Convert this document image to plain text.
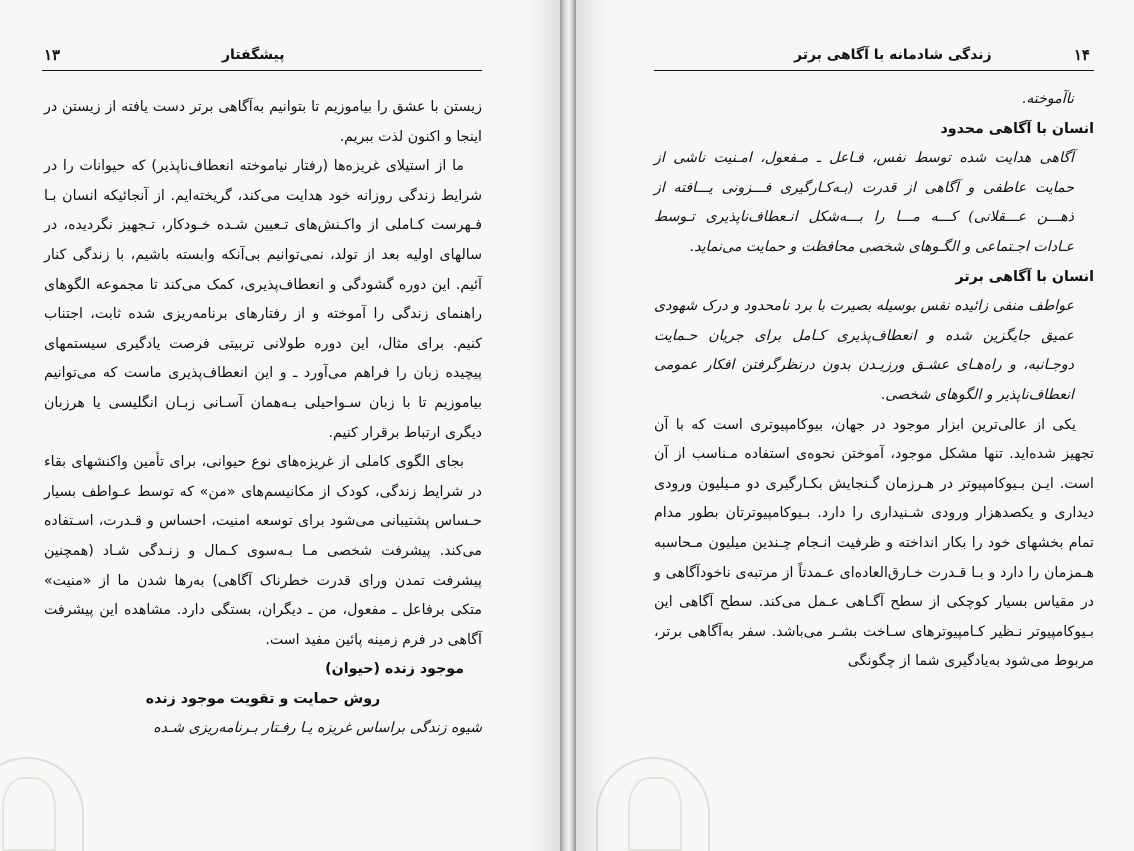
۱۳	پیشگفتار

زیستن با عشق را بیاموزیم تا بتوانیم به‌آگاهی برتر دست یافته از زیستن در اینجا و اکنون لذت ببریم.

ما از استیلای غریزه‌ها (رفتار نیاموخته انعطاف‌ناپذیر) که حیوانات را در شرایط زندگی روزانه خود هدایت می‌کند، گریخته‌ایم. از آنجائیکه انسان بـا فـهرست کـاملی از واکـنش‌های تـعیین شـده خـودکار، تـجهیز نگردیده، در سالهای اولیه بعد از تولد، نمی‌توانیم بی‌آنکه وابسته باشیم، با زندگی کنار آئیم. این دوره گشودگی و انعطاف‌پذیری، کمک می‌کند تا مجموعه الگوهای راهنمای زندگی را آموخته و از رفتارهای برنامه‌ریزی شده ثابت، اجتناب کنیم. برای مثال، این دوره طولانی تربیتی فرصت یادگیری سیستمهای پیچیده زبان را فراهم می‌آورد ـ و این انعطاف‌پذیری ماست که می‌توانیم بیاموزیم تا با زبان سـواحیلی بـه‌همان آسـانی زبـان انگلیسی یا هرزبان دیگری ارتباط برقرار کنیم.

بجای الگوی کاملی از غریزه‌های نوع حیوانی، برای تأمین واکنشهای بقاء در شرایط زندگی، کودک از مکانیسم‌های «من» که توسط عـواطف بسیار حـساس پشتیبانی می‌شود برای توسعه امنیت، احساس و قـدرت، اسـتفاده می‌کند. پیشرفت شخصی مـا بـه‌سوی کـمال و زنـدگی شـاد (همچنین پیشرفت تمدن ورای قدرت خطرناک آگاهی) به‌رها شدن ما از «منیت» متکی برفاعل ـ مفعول، من ـ دیگران، بستگی دارد. مشاهده این پیشرفت آگاهی در فرم زمینه پائین مفید است.

موجود زنده (حیوان)

روش حمایت و تقویت موجود زنده

شیوه زندگی براساس غریزه یـا رفـتار بـرنامه‌ریزی شـده

۱۴
زندگی شادمانه با آگاهی برتر

ناآموخته.

انسان با آگاهی محدود

آگاهی هدایت شده توسط نفس، فـاعل ـ مـفعول، امـنیت ناشی از حمایت عاطفی و آگاهی از قدرت (بـه‌کـارگیری فـــزونی یـــافته از ذهـــن عـــقلانی) کـــه مـــا را بـــه‌شکل انـعطاف‌ناپذیری تـوسط عـادات اجـتماعی و الگـوهای شخصی محافظت و حمایت می‌نماید.

انسان با آگاهی برتر

عواطف منفی زائیده نفس بوسیله بصیرت با برد نامحدود و درک شهودی عمیق جایگزین شده و انعطاف‌پذیری کـامل برای جریان حـمایت دوجـانبه، و راه‌هـای عشـق ورزیـدن بدون درنظرگرفتن افکار عمومی انعطاف‌ناپذیر و الگوهای شخصی.

یکی از عالی‌ترین ابزار موجود در جهان، بیوکامپیوتری است که با آن تجهیز شده‌اید. تنها مشکل موجود، آموختن نحوه‌ی استفاده مـناسب از آن است. ایـن بـیوکامپیوتر در هـرزمان گـنجایش بکـارگیری دو مـیلیون ورودی دیداری و یکصدهزار ورودی شـنیداری را دارد. بـیوکامپیوترتان بطور مدام تمام بخشهای خود را بکار انداخته و ظرفیت انـجام چـندین میلیون مـحاسبه هـمزمان را دارد و بـا قـدرت خـارق‌العاده‌ای عـمدتاً از مرتبه‌ی ناخودآگاهی و در مقیاس بسیار کوچکی از سطح آگـاهی عـمل می‌کند. سطح آگاهی این بـیوکامپیوتر نـظیر کـامپیوترهای سـاخت بشـر می‌باشد. سفر به‌آگاهی برتر، مربوط می‌شود به‌یادگیری شما از چگونگی
